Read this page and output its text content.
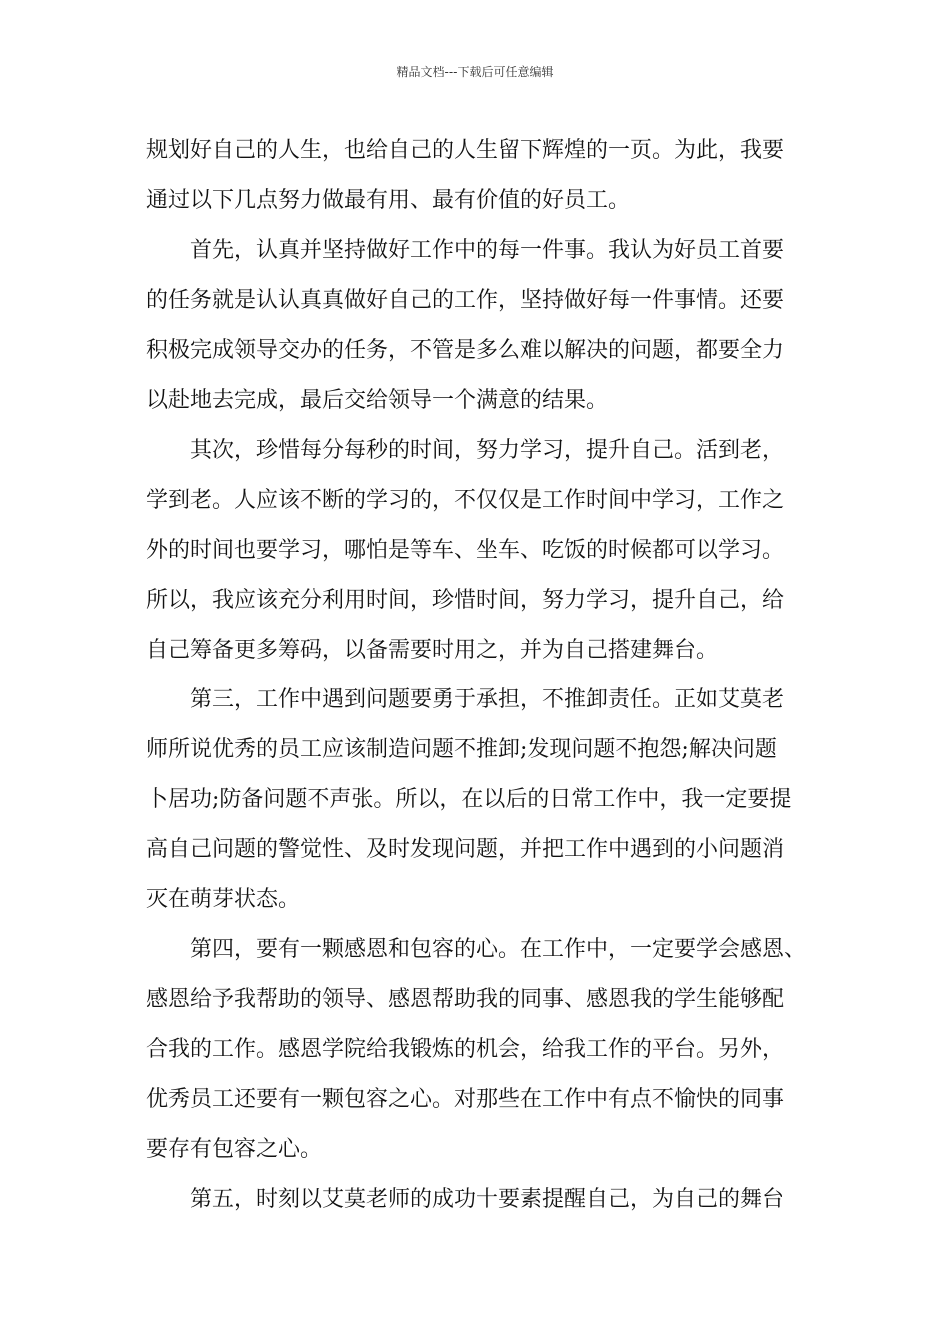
精品文档---下载后可任意编辑
规划好自己的人生，也给自己的人生留下辉煌的一页。为此，我要
通过以下几点努力做最有用、最有价值的好员工。
　　首先，认真并坚持做好工作中的每一件事。我认为好员工首要
的任务就是认认真真做好自己的工作，坚持做好每一件事情。还要
积极完成领导交办的任务，不管是多么难以解决的问题，都要全力
以赴地去完成，最后交给领导一个满意的结果。
　　其次，珍惜每分每秒的时间，努力学习，提升自己。活到老，
学到老。人应该不断的学习的，不仅仅是工作时间中学习，工作之
外的时间也要学习，哪怕是等车、坐车、吃饭的时候都可以学习。
所以，我应该充分利用时间，珍惜时间，努力学习，提升自己，给
自己筹备更多筹码，以备需要时用之，并为自己搭建舞台。
　　第三，工作中遇到问题要勇于承担，不推卸责任。正如艾莫老
师所说优秀的员工应该制造问题不推卸;发现问题不抱怨;解决问题
卜居功;防备问题不声张。所以，在以后的日常工作中，我一定要提
高自己问题的警觉性、及时发现问题，并把工作中遇到的小问题消
灭在萌芽状态。
　　第四，要有一颗感恩和包容的心。在工作中，一定要学会感恩、
感恩给予我帮助的领导、感恩帮助我的同事、感恩我的学生能够配
合我的工作。感恩学院给我锻炼的机会，给我工作的平台。另外，
优秀员工还要有一颗包容之心。对那些在工作中有点不愉快的同事
要存有包容之心。
　　第五，时刻以艾莫老师的成功十要素提醒自己，为自己的舞台
